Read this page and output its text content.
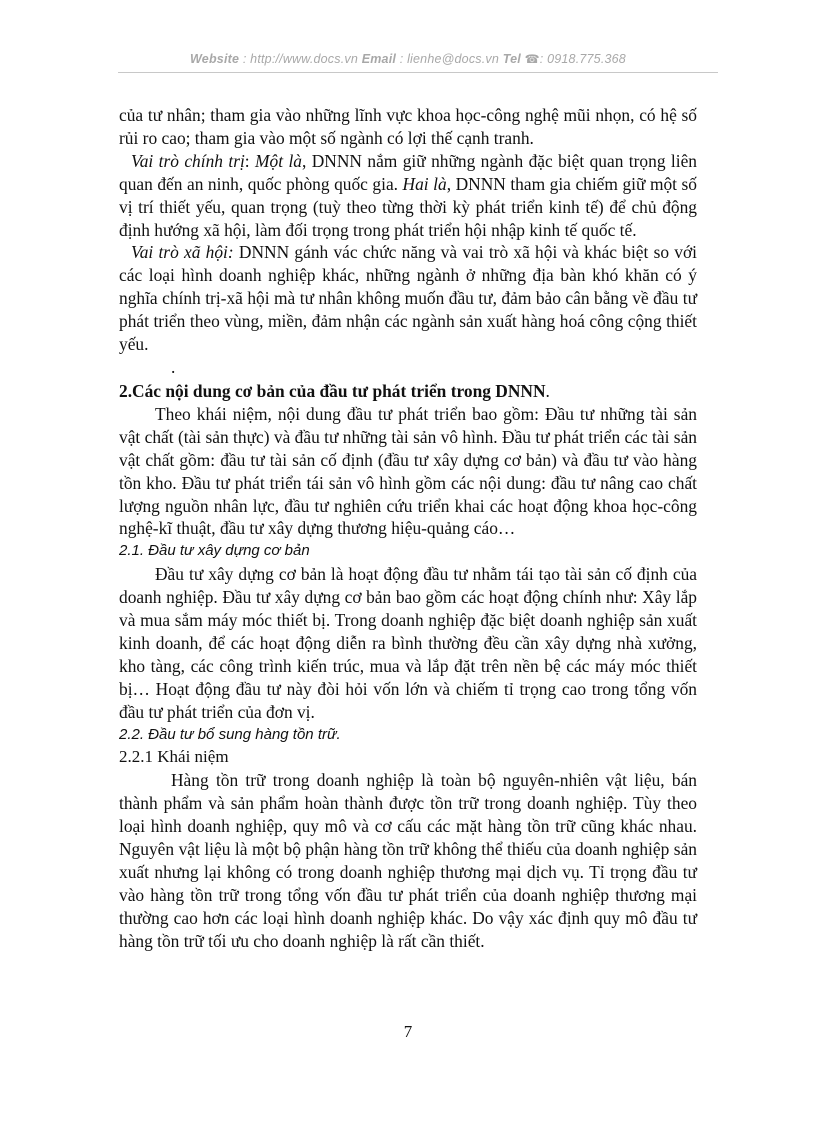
Website : http://www.docs.vn Email : lienhe@docs.vn Tel ☎: 0918.775.368

của tư nhân; tham gia vào những lĩnh vực khoa học-công nghệ mũi nhọn, có hệ số rủi ro cao; tham gia vào một số ngành có lợi thế cạnh tranh.

Vai trò chính trị: Một là, DNNN nắm giữ những ngành đặc biệt quan trọng liên quan đến an ninh, quốc phòng quốc gia. Hai là, DNNN tham gia chiếm giữ một số vị trí thiết yếu, quan trọng (tuỳ theo từng thời kỳ phát triển kinh tế) để chủ động định hướng xã hội, làm đối trọng trong phát triển hội nhập kinh tế quốc tế.

Vai trò xã hội: DNNN gánh vác chức năng và vai trò xã hội và khác biệt so với các loại hình doanh nghiệp khác, những ngành ở những địa bàn khó khăn có ý nghĩa chính trị-xã hội mà tư nhân không muốn đầu tư, đảm bảo cân bằng về đầu tư phát triển theo vùng, miền, đảm nhận các ngành sản xuất hàng hoá công cộng thiết yếu.

.

2.Các nội dung cơ bản của đầu tư phát triển trong DNNN.

Theo khái niệm, nội dung đầu tư phát triển bao gồm: Đầu tư những tài sản vật chất (tài sản thực) và đầu tư những tài sản vô hình. Đầu tư phát triển các tài sản vật chất gồm: đầu tư tài sản cố định (đầu tư xây dựng cơ bản) và đầu tư vào hàng tồn kho. Đầu tư phát triển tái sản vô hình gồm các nội dung: đầu tư nâng cao chất lượng nguồn nhân lực, đầu tư nghiên cứu triển khai các hoạt động khoa học-công nghệ-kĩ thuật, đầu tư xây dựng thương hiệu-quảng cáo…

2.1. Đầu tư xây dựng cơ bản

Đầu tư xây dựng cơ bản là hoạt động đầu tư nhằm tái tạo tài sản cố định của doanh nghiệp. Đầu tư xây dựng cơ bản bao gồm các hoạt động chính như: Xây lắp và mua sắm máy móc thiết bị. Trong doanh nghiệp đặc biệt doanh nghiệp sản xuất kinh doanh, để các hoạt động diễn ra bình thường đều cần xây dựng nhà xưởng, kho tàng, các công trình kiến trúc, mua và lắp đặt trên nền bệ các máy móc thiết bị… Hoạt động đầu tư này đòi hỏi vốn lớn và chiếm tỉ trọng cao trong tổng vốn đầu tư phát triển của đơn vị.

2.2. Đầu tư bổ sung hàng tồn trữ.

2.2.1 Khái niệm

Hàng tồn trữ trong doanh nghiệp là toàn bộ nguyên-nhiên vật liệu, bán thành phẩm và sản phẩm hoàn thành được tồn trữ trong doanh nghiệp. Tùy theo loại hình doanh nghiệp, quy mô và cơ cấu các mặt hàng tồn trữ cũng khác nhau. Nguyên vật liệu là một bộ phận hàng tồn trữ không thể thiếu của doanh nghiệp sản xuất nhưng lại không có trong doanh nghiệp thương mại dịch vụ. Tỉ trọng đầu tư vào hàng tồn trữ trong tổng vốn đầu tư phát triển của doanh nghiệp thương mại thường cao hơn các loại hình doanh nghiệp khác. Do vậy xác định quy mô đầu tư hàng tồn trữ tối ưu cho doanh nghiệp là rất cần thiết.

7
